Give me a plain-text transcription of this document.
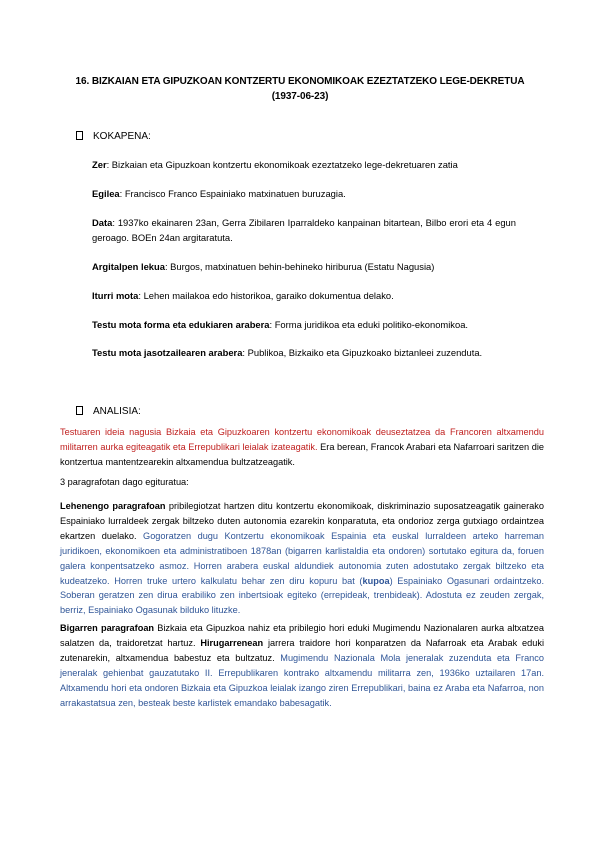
16. BIZKAIAN ETA GIPUZKOAN KONTZERTU EKONOMIKOAK EZEZTATZEKO LEGE-DEKRETUA
(1937-06-23)
KOKAPENA:
Zer: Bizkaian eta Gipuzkoan kontzertu ekonomikoak ezeztatzeko lege-dekretuaren zatia
Egilea: Francisco Franco Espainiako matxinatuen buruzagia.
Data: 1937ko ekainaren 23an, Gerra Zibilaren Iparraldeko kanpainan bitartean, Bilbo erori eta 4 egun geroago. BOEn 24an argitaratuta.
Argitalpen lekua: Burgos, matxinatuen behin-behineko hiriburua (Estatu Nagusia)
Iturri mota: Lehen mailakoa edo historikoa, garaiko dokumentua delako.
Testu mota forma eta edukiaren arabera: Forma juridikoa eta eduki politiko-ekonomikoa.
Testu mota jasotzailearen arabera: Publikoa, Bizkaiko eta Gipuzkoako biztanleei zuzenduta.
ANALISIA:
Testuaren ideia nagusia Bizkaia eta Gipuzkoaren kontzertu ekonomikoak deuseztatzea da Francoren altxamendu militarren aurka egiteagatik eta Errepublikari leialak izateagatik. Era berean, Francok Arabari eta Nafarroari saritzen die kontzertua mantentzearekin altxamendua bultzatzeagatik.
3 paragrafotan dago egituratua:
Lehenengo paragrafoan pribilegiotzat hartzen ditu kontzertu ekonomikoak, diskriminazio suposatzeagatik gainerako Espainiako lurraldeek zergak biltzeko duten autonomia ezarekin konparatuta, eta ondorioz zerga gutxiago ordaintzea ekartzen duelako. Gogoratzen dugu Kontzertu ekonomikoak Espainia eta euskal lurraldeen arteko harreman juridikoen, ekonomikoen eta administratiboen 1878an (bigarren karlistaldia eta ondoren) sortutako egitura da, foruen galera konpentsatzeko asmoz. Horren arabera euskal aldundiek autonomia zuten adostutako zergak biltzeko eta kudeatzeko. Horren truke urtero kalkulatu behar zen diru kopuru bat (kupoa) Espainiako Ogasunari ordaintzeko. Soberan geratzen zen dirua erabiliko zen inbertsioak egiteko (errepideak, trenbideak). Adostuta ez zeuden zergak, berriz, Espainiako Ogasunak bilduko lituzke.
Bigarren paragrafoan Bizkaia eta Gipuzkoa nahiz eta pribilegio hori eduki Mugimendu Nazionalaren aurka altxatzea salatzen da, traidoretzat hartuz. Hirugarrenean jarrera traidore hori konparatzen da Nafarroak eta Arabak eduki zutenarekin, altxamendua babestuz eta bultzatuz. Mugimendu Nazionala Mola jeneralak zuzenduta eta Franco jeneralak gehienbat gauzatutako II. Errepublikaren kontrako altxamendu militarra zen, 1936ko uztailaren 17an. Altxamendu hori eta ondoren Bizkaia eta Gipuzkoa leialak izango ziren Errepublikari, baina ez Araba eta Nafarroa, non arrakastatsua zen, besteak beste karlistek emandako babesagatik.
